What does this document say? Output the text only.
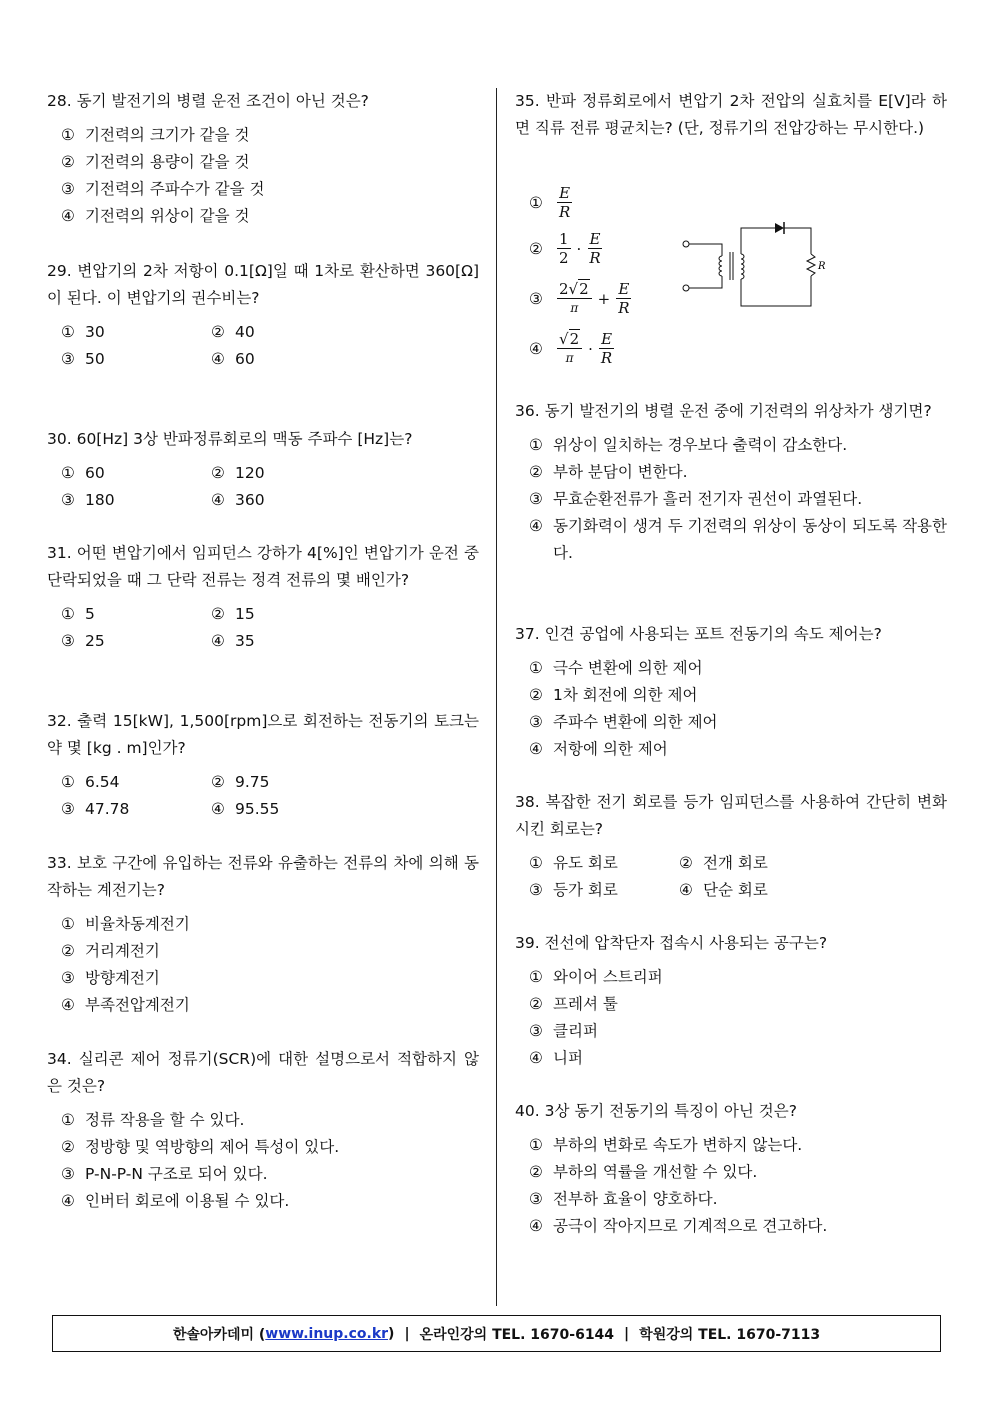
28. 동기 발전기의 병렬 운전 조건이 아닌 것은?
① 기전력의 크기가 같을 것
② 기전력의 용량이 같을 것
③ 기전력의 주파수가 같을 것
④ 기전력의 위상이 같을 것
29. 변압기의 2차 저항이 0.1[Ω]일 때 1차로 환산하면 360[Ω]이 된다. 이 변압기의 권수비는?
① 30	② 40
③ 50	④ 60
30. 60[Hz] 3상 반파정류회로의 맥동 주파수 [Hz]는?
① 60	② 120
③ 180	④ 360
31. 어떤 변압기에서 임피던스 강하가 4[%]인 변압기가 운전 중 단락되었을 때 그 단락 전류는 정격 전류의 몇 배인가?
① 5	② 15
③ 25	④ 35
32. 출력 15[kW], 1,500[rpm]으로 회전하는 전동기의 토크는 약 몇 [kg . m]인가?
① 6.54	② 9.75
③ 47.78	④ 95.55
33. 보호 구간에 유입하는 전류와 유출하는 전류의 차에 의해 동작하는 계전기는?
① 비율차동계전기
② 거리계전기
③ 방향계전기
④ 부족전압계전기
34. 실리콘 제어 정류기(SCR)에 대한 설명으로서 적합하지 않은 것은?
① 정류 작용을 할 수 있다.
② 정방향 및 역방향의 제어 특성이 있다.
③ P-N-P-N 구조로 되어 있다.
④ 인버터 회로에 이용될 수 있다.
35. 반파 정류회로에서 변압기 2차 전압의 실효치를 E[V]라 하면 직류 전류 평균치는? (단, 정류기의 전압강하는 무시한다.)
① $\frac{E}{R}$
② $\frac{1}{2} \cdot \frac{E}{R}$
③ $\frac{2√2}{\pi} + \frac{E}{R}$
④ $\frac{√2}{\pi} \cdot \frac{E}{R}$
R
36. 동기 발전기의 병렬 운전 중에 기전력의 위상차가 생기면?
① 위상이 일치하는 경우보다 출력이 감소한다.
② 부하 분담이 변한다.
③ 무효순환전류가 흘러 전기자 권선이 과열된다.
④ 동기화력이 생겨 두 기전력의 위상이 동상이 되도록 작용한다.
37. 인견 공업에 사용되는 포트 전동기의 속도 제어는?
① 극수 변환에 의한 제어
② 1차 회전에 의한 제어
③ 주파수 변환에 의한 제어
④ 저항에 의한 제어
38. 복잡한 전기 회로를 등가 임피던스를 사용하여 간단히 변화시킨 회로는?
① 유도 회로	② 전개 회로
③ 등가 회로	④ 단순 회로
39. 전선에 압착단자 접속시 사용되는 공구는?
① 와이어 스트리퍼
② 프레셔 툴
③ 클리퍼
④ 니퍼
40. 3상 동기 전동기의 특징이 아닌 것은?
① 부하의 변화로 속도가 변하지 않는다.
② 부하의 역률을 개선할 수 있다.
③ 전부하 효율이 양호하다.
④ 공극이 작아지므로 기계적으로 견고하다.
한솔아카데미 ( www.inup.co.kr ) | 온라인강의 TEL. 1670-6144 | 학원강의 TEL. 1670-7113
